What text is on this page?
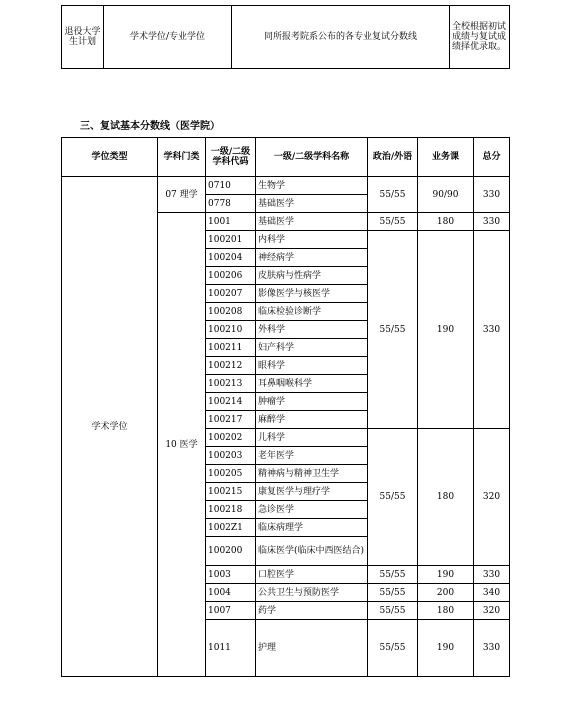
退役大学生计划	学术学位/专业学位	同所报考院系公布的各专业复试分数线	全校根据初试成绩与复试成绩择优录取。
三、复试基本分数线（医学院）
学位类型	学科门类	一级/二级学科代码	一级/二级学科名称	政治/外语	业务课	总分
学术学位	07 理学	0710	生物学	55/55	90/90	330
		0778	基础医学			
	10 医学	1001	基础医学	55/55	180	330
		100201	内科学	55/55	190	330
		100204	神经病学			
		100206	皮肤病与性病学			
		100207	影像医学与核医学			
		100208	临床检验诊断学			
		100210	外科学			
		100211	妇产科学			
		100212	眼科学			
		100213	耳鼻咽喉科学			
		100214	肿瘤学			
		100217	麻醉学			
		100202	儿科学	55/55	180	320
		100203	老年医学			
		100205	精神病与精神卫生学			
		100215	康复医学与理疗学			
		100218	急诊医学			
		1002Z1	临床病理学			
		100200	临床医学(临床中西医结合)			
		1003	口腔医学	55/55	190	330
		1004	公共卫生与预防医学	55/55	200	340
		1007	药学	55/55	180	320
		1011	护理	55/55	190	330
